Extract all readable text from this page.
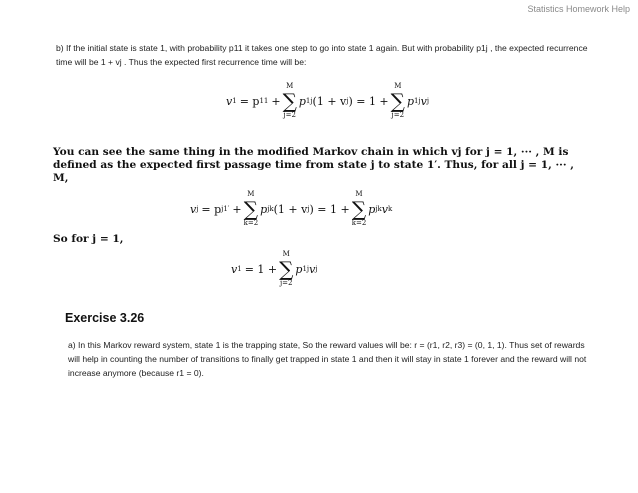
Statistics Homework Help
b) If the initial state is state 1, with probability p11 it takes one step to go into state 1 again. But with probability p1j , the expected recurrence time will be 1 + vj . Thus the expected first recurrence time will be:
v 1 = p 11 +
M
∑
j=2
p 1j (1 + v j ) = 1 +
M
∑
j=2
p 1j v j
You can see the same thing in the modified Markov chain in which vj for j = 1, ··· , M is defined as the expected first passage time from state j to state 1′. Thus, for all j = 1, ··· , M,
v j = p j1′ +
M
∑
k=2
p jk (1 + v j ) = 1 +
M
∑
k=2
p jk v k
So for j = 1,
v 1 = 1 +
M
∑
j=2
p 1j v j
Exercise 3.26
a) In this Markov reward system, state 1 is the trapping state, So the reward values will be: r = (r1, r2, r3) = (0, 1, 1). Thus set of rewards will help in counting the number of transitions to finally get trapped in state 1 and then it will stay in state 1 forever and the reward will not increase anymore (because r1 = 0).
